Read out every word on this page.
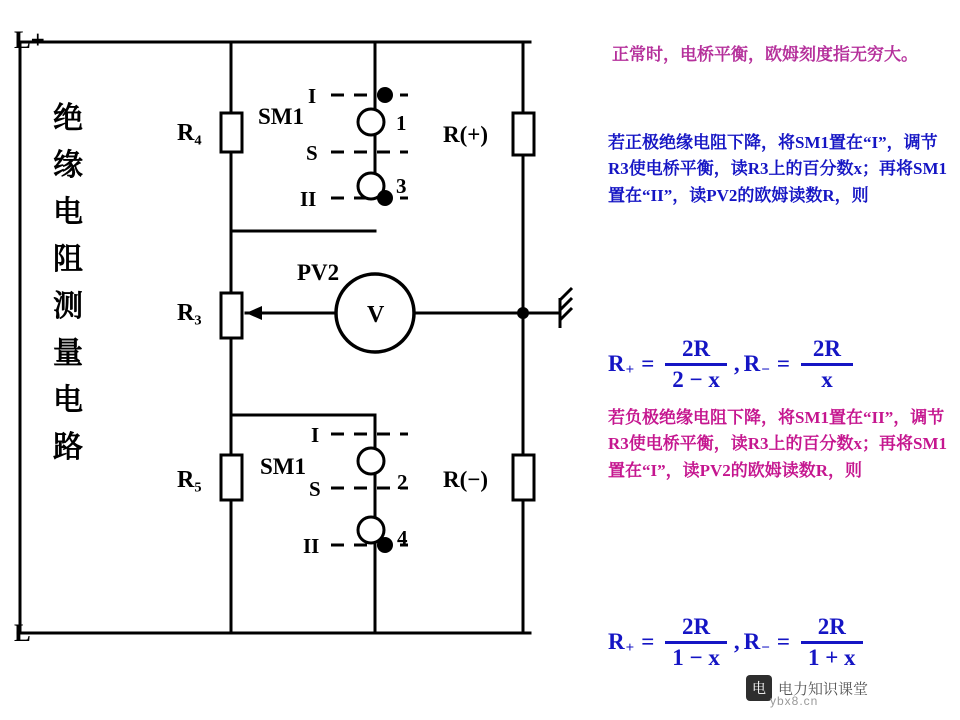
L+
L−
R₄
R₃
R₅
SM1
SM1
R(+)
R(−)
PV2
V
I
S
II
1
3
I
S
II
2
4
绝
缘
电
阻
测
量
电
路
正常时，电桥平衡，欧姆刻度指无穷大。
若正极绝缘电阻下降，将SM1置在“I”，调节R3使电桥平衡，读R3上的百分数x；再将SM1置在“II”，读PV2的欧姆读数R，则
R + = $\frac{2R}{2 - x}$ , R − = $\frac{2R}{x}$
若负极绝缘电阻下降，将SM1置在“II”，调节R3使电桥平衡，读R3上的百分数x；再将SM1置在“I”，读PV2的欧姆读数R，则
R + = $\frac{2R}{1 - x}$ , R − = $\frac{2R}{1 + x}$
电 电力知识课堂
ybx8.cn
